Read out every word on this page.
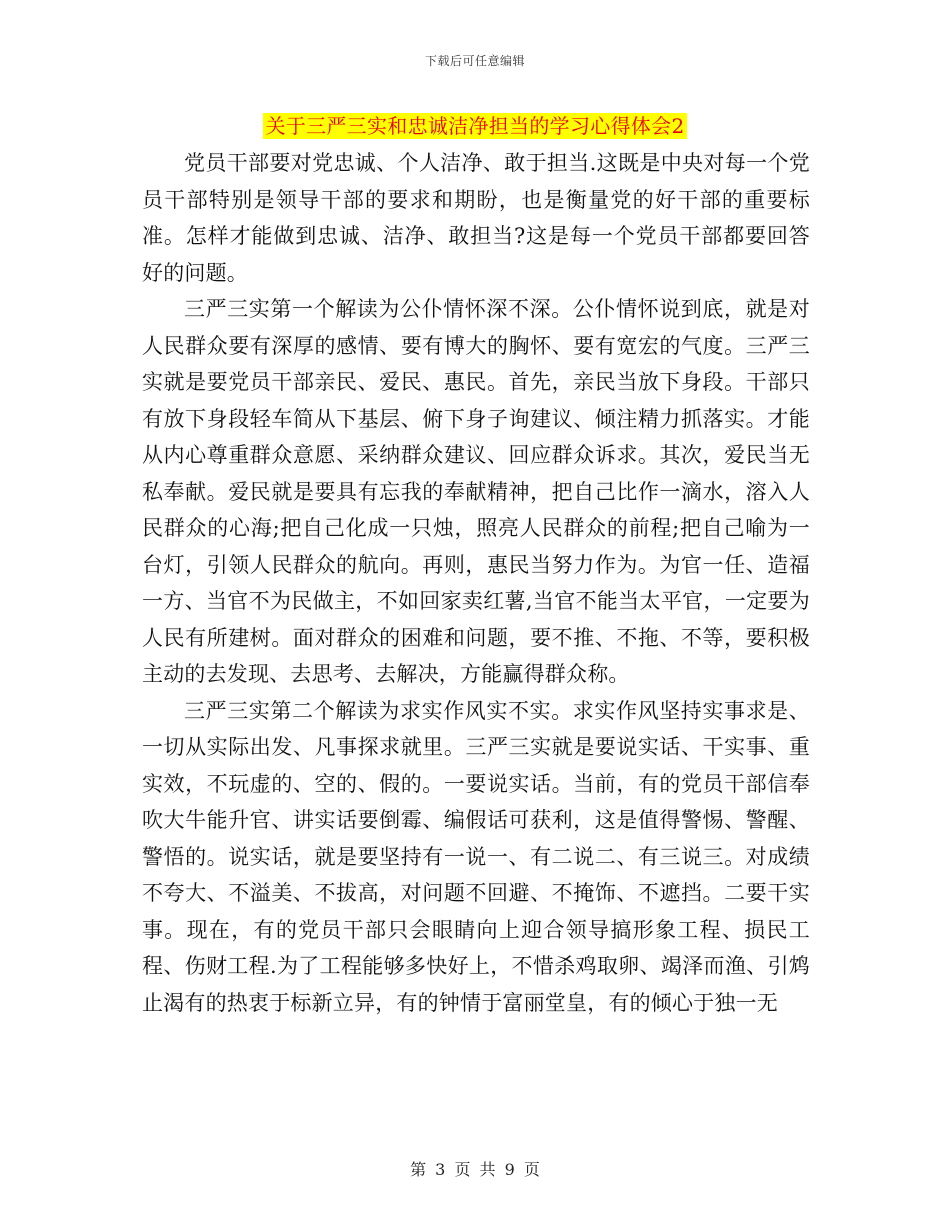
下载后可任意编辑
关于三严三实和忠诚洁净担当的学习心得体会2

党员干部要对党忠诚、个人洁净、敢于担当.这既是中央对每一个党员干部特别是领导干部的要求和期盼，也是衡量党的好干部的重要标准。怎样才能做到忠诚、洁净、敢担当?这是每一个党员干部都要回答好的问题。

三严三实第一个解读为公仆情怀深不深。公仆情怀说到底，就是对人民群众要有深厚的感情、要有博大的胸怀、要有宽宏的气度。三严三实就是要党员干部亲民、爱民、惠民。首先，亲民当放下身段。干部只有放下身段轻车简从下基层、俯下身子询建议、倾注精力抓落实。才能从内心尊重群众意愿、采纳群众建议、回应群众诉求。其次，爱民当无私奉献。爱民就是要具有忘我的奉献精神，把自己比作一滴水，溶入人民群众的心海;把自己化成一只烛，照亮人民群众的前程;把自己喻为一台灯，引领人民群众的航向。再则，惠民当努力作为。为官一任、造福一方、当官不为民做主，不如回家卖红薯,当官不能当太平官，一定要为人民有所建树。面对群众的困难和问题，要不推、不拖、不等，要积极主动的去发现、去思考、去解决，方能赢得群众称。

三严三实第二个解读为求实作风实不实。求实作风坚持实事求是、一切从实际出发、凡事探求就里。三严三实就是要说实话、干实事、重实效，不玩虚的、空的、假的。一要说实话。当前，有的党员干部信奉吹大牛能升官、讲实话要倒霉、编假话可获利，这是值得警惕、警醒、警悟的。说实话，就是要坚持有一说一、有二说二、有三说三。对成绩不夸大、不溢美、不拔高，对问题不回避、不掩饰、不遮挡。二要干实事。现在，有的党员干部只会眼睛向上迎合领导搞形象工程、损民工程、伤财工程.为了工程能够多快好上，不惜杀鸡取卵、竭泽而渔、引鸩止渴有的热衷于标新立异，有的钟情于富丽堂皇，有的倾心于独一无

第 3 页 共 9 页
